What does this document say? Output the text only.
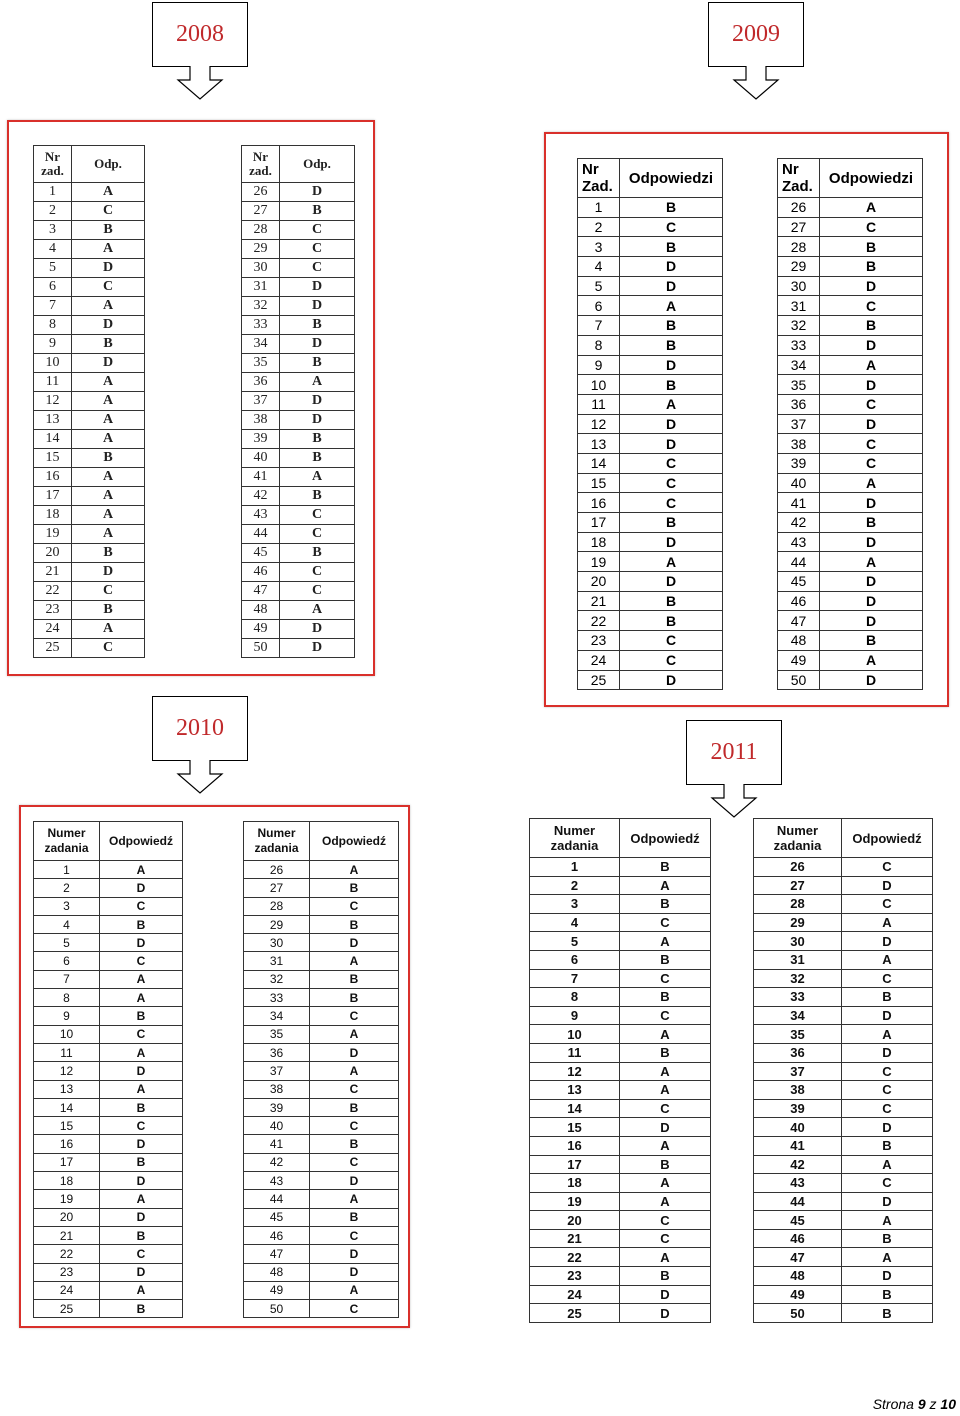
2008	2009
2010
2011
Nr zad.	Odp.
1	A
2	C
3	B
4	A
5	D
6	C
7	A
8	D
9	B
10	D
11	A
12	A
13	A
14	A
15	B
16	A
17	A
18	A
19	A
20	B
21	D
22	C
23	B
24	A
25	C
Nr zad.	Odp.
26	D
27	B
28	C
29	C
30	C
31	D
32	D
33	B
34	D
35	B
36	A
37	D
38	D
39	B
40	B
41	A
42	B
43	C
44	C
45	B
46	C
47	C
48	A
49	D
50	D
Nr Zad.	Odpowiedzi
1	B
2	C
3	B
4	D
5	D
6	A
7	B
8	B
9	D
10	B
11	A
12	D
13	D
14	C
15	C
16	C
17	B
18	D
19	A
20	D
21	B
22	B
23	C
24	C
25	D
Nr Zad.	Odpowiedzi
26	A
27	C
28	B
29	B
30	D
31	C
32	B
33	D
34	A
35	D
36	C
37	D
38	C
39	C
40	A
41	D
42	B
43	D
44	A
45	D
46	D
47	D
48	B
49	A
50	D
Numer zadania	Odpowiedź
1	A
2	D
3	C
4	B
5	D
6	C
7	A
8	A
9	B
10	C
11	A
12	D
13	A
14	B
15	C
16	D
17	B
18	D
19	A
20	D
21	B
22	C
23	D
24	A
25	B
Numer zadania	Odpowiedź
26	A
27	B
28	C
29	B
30	D
31	A
32	B
33	B
34	C
35	A
36	D
37	A
38	C
39	B
40	C
41	B
42	C
43	D
44	A
45	B
46	C
47	D
48	D
49	A
50	C
Numer zadania	Odpowiedź
1	B
2	A
3	B
4	C
5	A
6	B
7	C
8	B
9	C
10	A
11	B
12	A
13	A
14	C
15	D
16	A
17	B
18	A
19	A
20	C
21	C
22	A
23	B
24	D
25	D
Numer zadania	Odpowiedź
26	C
27	D
28	C
29	A
30	D
31	A
32	C
33	B
34	D
35	A
36	D
37	C
38	C
39	C
40	D
41	B
42	A
43	C
44	D
45	A
46	B
47	A
48	D
49	B
50	B
Strona 9 z 10
